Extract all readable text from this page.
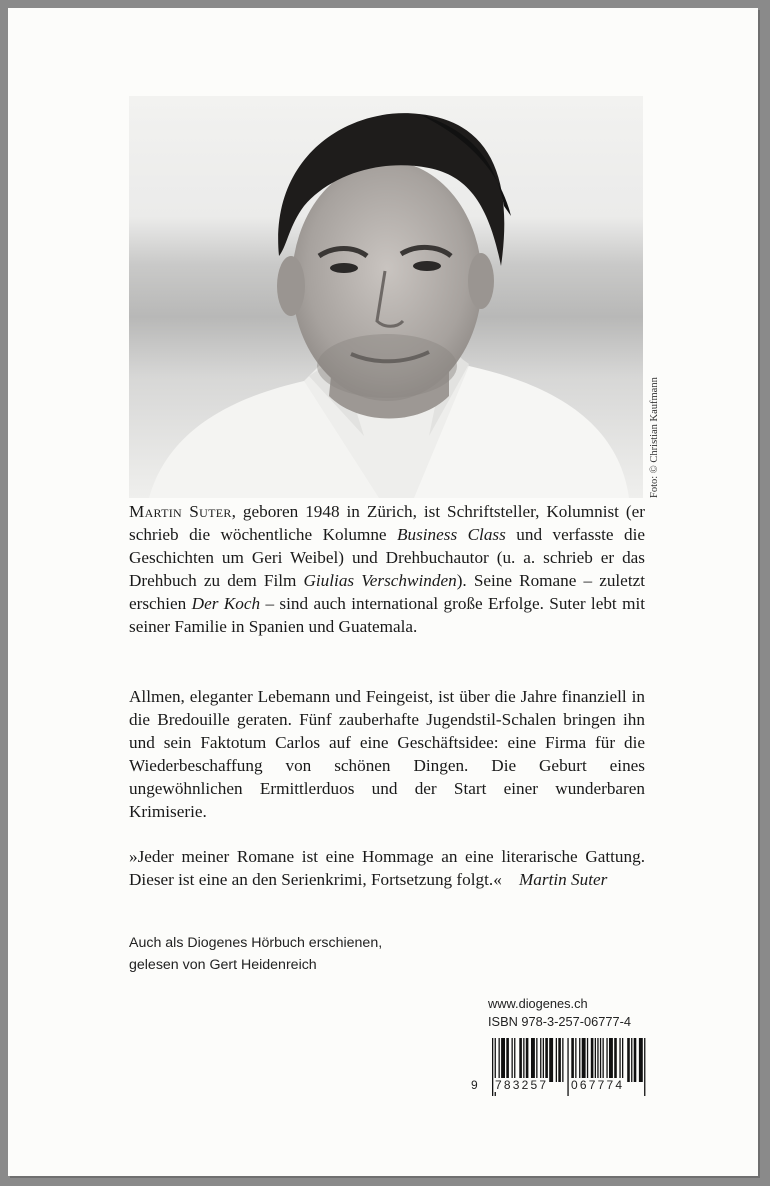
Foto: © Christian Kaufmann

Martin Suter, geboren 1948 in Zürich, ist Schriftsteller, Kolumnist (er schrieb die wöchentliche Kolumne Business Class und verfasste die Geschichten um Geri Weibel) und Drehbuchautor (u. a. schrieb er das Drehbuch zu dem Film Giulias Verschwinden). Seine Romane – zuletzt erschien Der Koch – sind auch international große Erfolge. Suter lebt mit seiner Familie in Spanien und Guatemala.

Allmen, eleganter Lebemann und Feingeist, ist über die Jahre finanziell in die Bredouille geraten. Fünf zauberhafte Jugendstil-Schalen bringen ihn und sein Faktotum Carlos auf eine Geschäftsidee: eine Firma für die Wiederbeschaffung von schönen Dingen. Die Geburt eines ungewöhnlichen Ermittlerduos und der Start einer wunderbaren Krimiserie.

»Jeder meiner Romane ist eine Hommage an eine literarische Gattung. Dieser ist eine an den Serienkrimi, Fortsetzung folgt.« Martin Suter

Auch als Diogenes Hörbuch erschienen,
gelesen von Gert Heidenreich
www.diogenes.ch
ISBN 978-3-257-06777-4
9 783257 067774
